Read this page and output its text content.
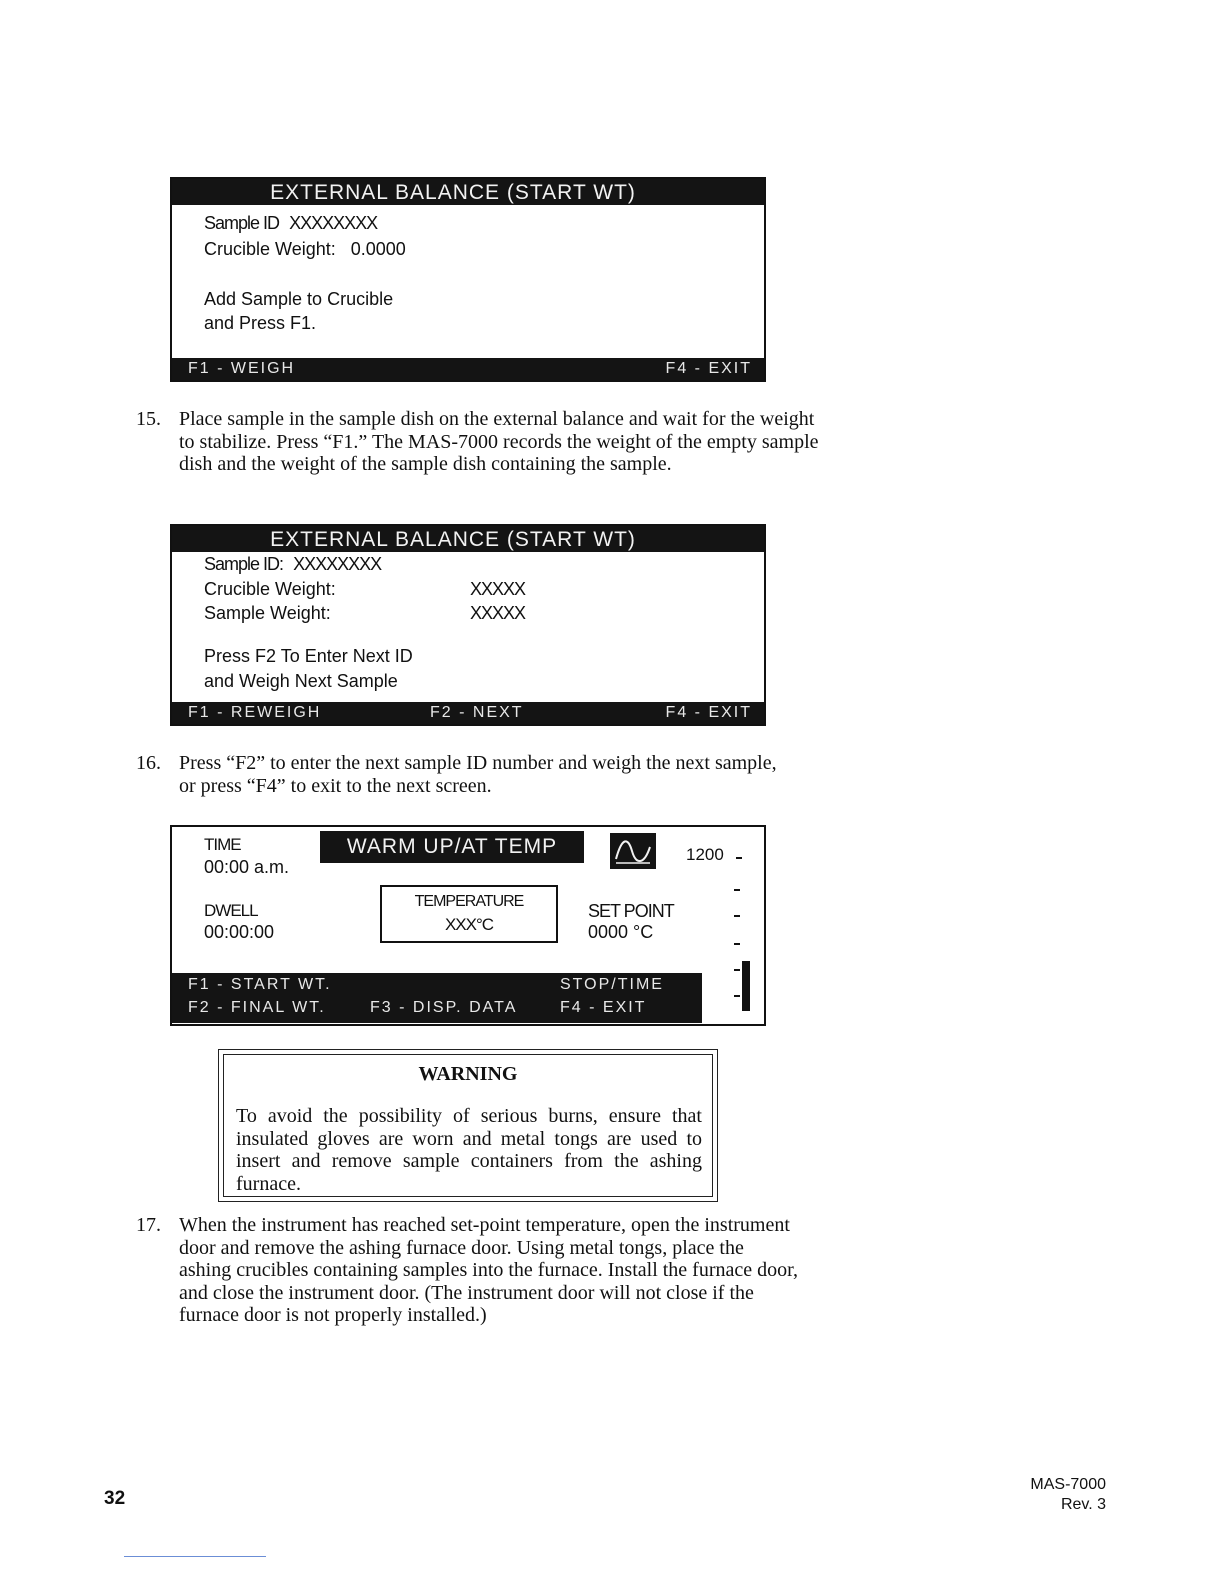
EXTERNAL BALANCE (START WT)
Sample ID XXXXXXXX
Crucible Weight: 0.0000
Add Sample to Crucible
and Press F1.
F1 - WEIGH	F4 - EXIT
15. Place sample in the sample dish on the external balance and wait for the weight to stabilize. Press “F1.” The MAS-7000 records the weight of the empty sample dish and the weight of the sample dish containing the sample.
EXTERNAL BALANCE (START WT)
Sample ID: XXXXXXXX
Crucible Weight:	XXXXX
Sample Weight:	XXXXX
Press F2 To Enter Next ID
and Weigh Next Sample
F1 - REWEIGH	F2 - NEXT	F4 - EXIT
16. Press “F2” to enter the next sample ID number and weigh the next sample, or press “F4” to exit to the next screen.
TIME
00:00 a.m.
WARM UP/AT TEMP	1200
DWELL
00:00:00
TEMPERATURE
XXX°C
SET POINT
0000 °C
F1 - START WT.	STOP/TIME
F2 - FINAL WT.	F3 - DISP. DATA	F4 - EXIT
WARNING
To avoid the possibility of serious burns, ensure that insulated gloves are worn and metal tongs are used to insert and remove sample containers from the ashing furnace.
17. When the instrument has reached set-point temperature, open the instrument door and remove the ashing furnace door. Using metal tongs, place the ashing crucibles containing samples into the furnace. Install the furnace door, and close the instrument door. (The instrument door will not close if the furnace door is not properly installed.)
32
MAS-7000
Rev. 3
